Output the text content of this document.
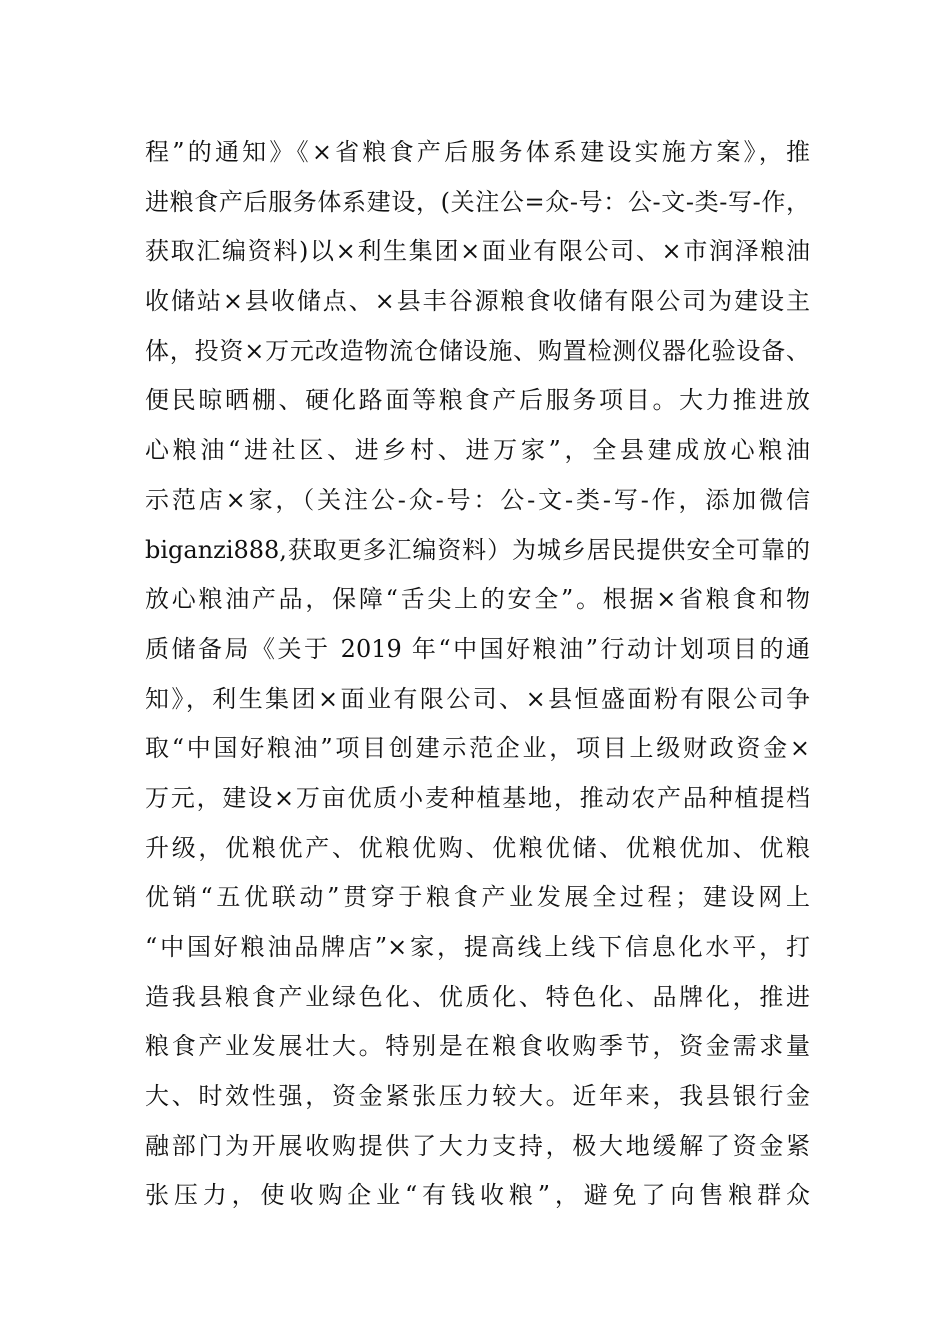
程”的通知》《×省粮食产后服务体系建设实施方案》，推
进粮食产后服务体系建设，(关注公=众-号：公-文-类-写-作，
获取汇编资料)以×利生集团×面业有限公司、×市润泽粮油
收储站×县收储点、×县丰谷源粮食收储有限公司为建设主
体，投资×万元改造物流仓储设施、购置检测仪器化验设备、
便民晾晒棚、硬化路面等粮食产后服务项目。大力推进放
心粮油“进社区、进乡村、进万家”，全县建成放心粮油
示范店×家，（关注公-众-号：公-文-类-写-作，添加微信
biganzi888,获取更多汇编资料）为城乡居民提供安全可靠的
放心粮油产品，保障“舌尖上的安全”。根据×省粮食和物
质储备局《关于 2019 年“中国好粮油”行动计划项目的通
知》，利生集团×面业有限公司、×县恒盛面粉有限公司争
取“中国好粮油”项目创建示范企业，项目上级财政资金×
万元，建设×万亩优质小麦种植基地，推动农产品种植提档
升级，优粮优产、优粮优购、优粮优储、优粮优加、优粮
优销“五优联动”贯穿于粮食产业发展全过程；建设网上
“中国好粮油品牌店”×家，提高线上线下信息化水平，打
造我县粮食产业绿色化、优质化、特色化、品牌化，推进
粮食产业发展壮大。特别是在粮食收购季节，资金需求量
大、时效性强，资金紧张压力较大。近年来，我县银行金
融部门为开展收购提供了大力支持，极大地缓解了资金紧
张压力，使收购企业“有钱收粮”，避免了向售粮群众
